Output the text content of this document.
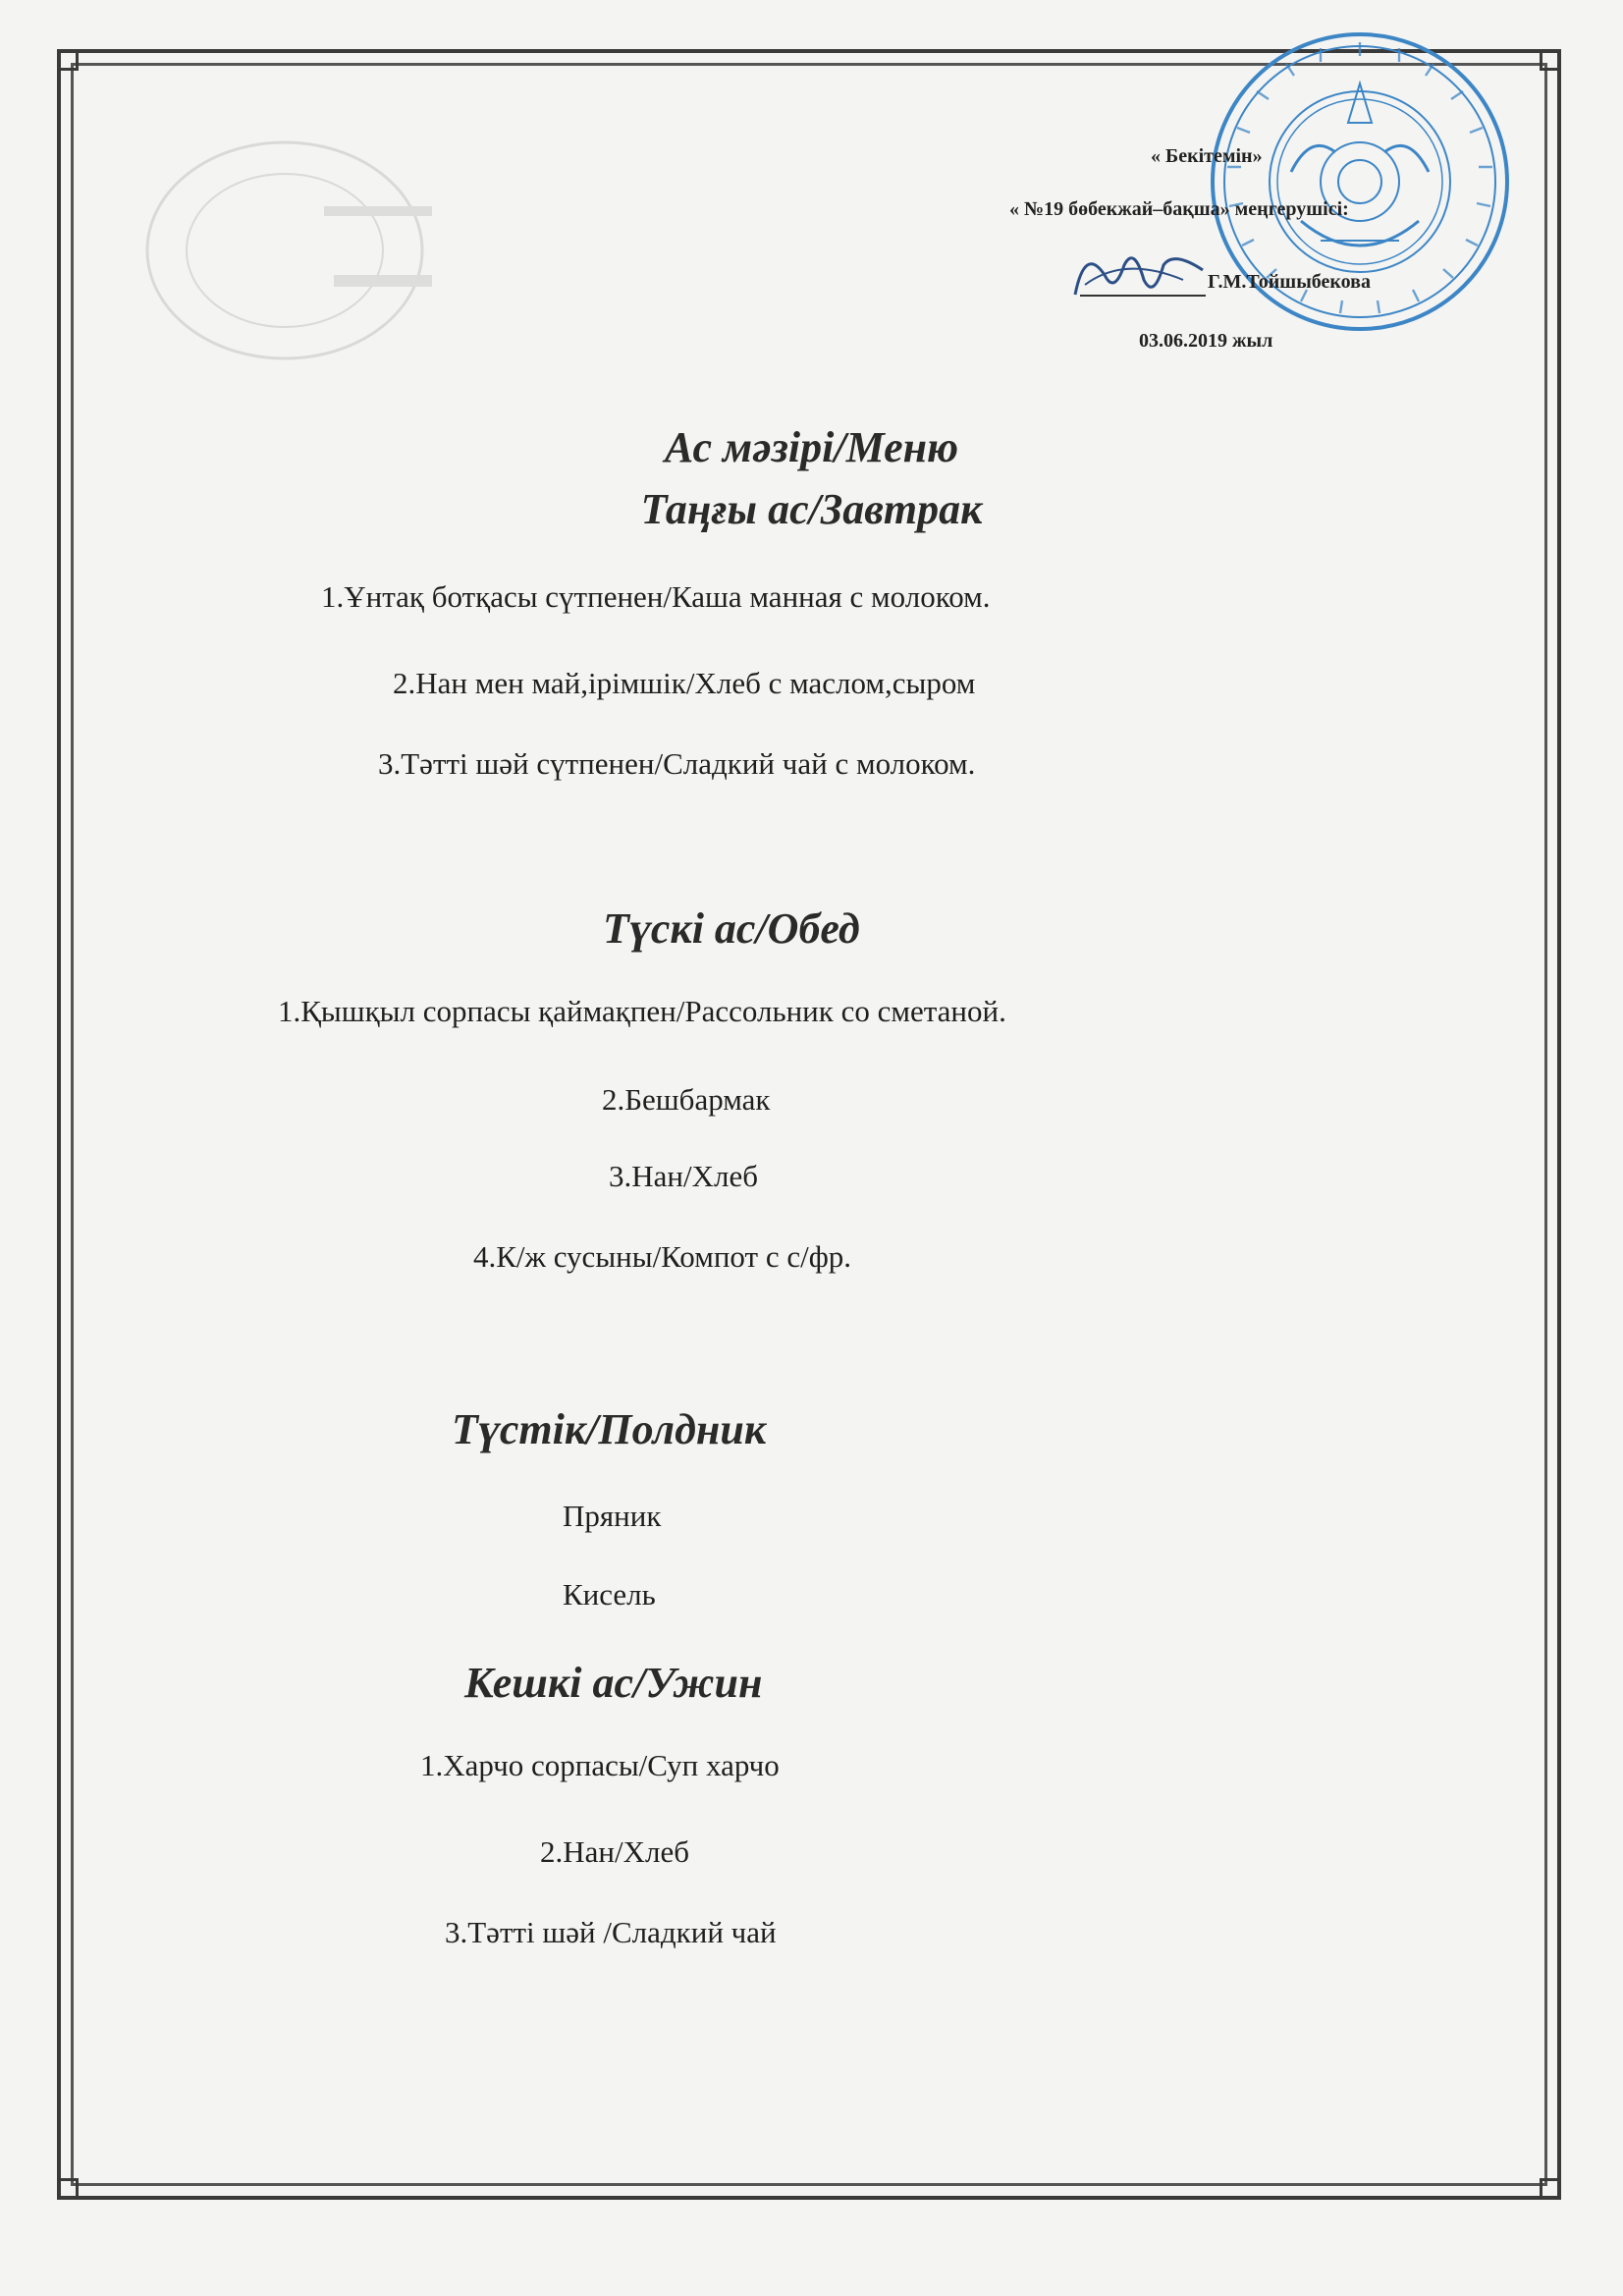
« Бекітемін»
« №19 бөбекжай–бақша» меңгерушісі:
Г.М.Тойшыбекова
03.06.2019 жыл
Ас мәзірі/Меню
Таңғы ас/Завтрак
1.Ұнтақ ботқасы сүтпенен/Каша манная с молоком.
2.Нан мен май,ірімшік/Хлеб с маслом,сыром
3.Тәтті шәй сүтпенен/Сладкий чай с молоком.
Түскі ас/Обед
1.Қышқыл сорпасы қаймақпен/Рассольник со сметаной.
2.Бешбармак
3.Нан/Хлеб
4.К/ж сусыны/Компот с с/фр.
Түстік/Полдник
Пряник
Кисель
Кешкі ас/Ужин
1.Харчо сорпасы/Суп харчо
2.Нан/Хлеб
3.Тәтті шәй /Сладкий чай
